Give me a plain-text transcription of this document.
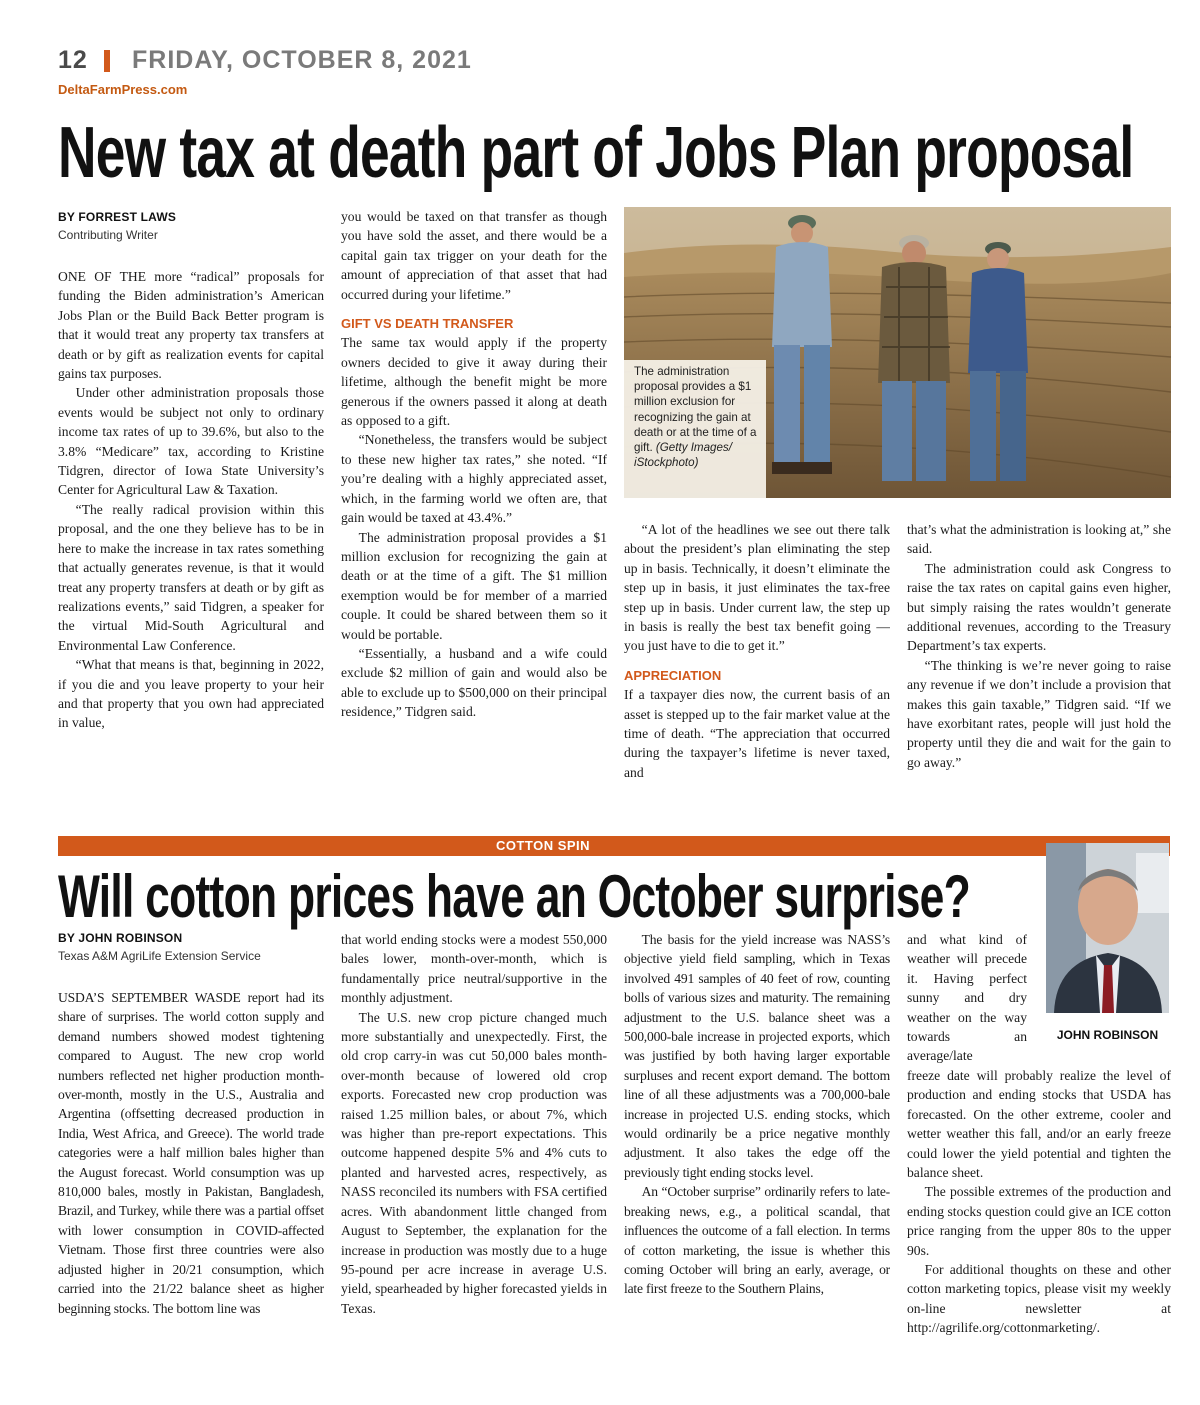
12 FRIDAY, OCTOBER 8, 2021
DeltaFarmPress.com
New tax at death part of Jobs Plan proposal
BY FORREST LAWS
Contributing Writer

ONE OF THE more “radical” proposals for funding the Biden administration’s American Jobs Plan or the Build Back Better program is that it would treat any property tax transfers at death or by gift as realization events for capital gains tax purposes.

Under other administration proposals those events would be subject not only to ordinary income tax rates of up to 39.6%, but also to the 3.8% “Medicare” tax, according to Kristine Tidgren, director of Iowa State University’s Center for Agricultural Law & Taxation.

“The really radical provision within this proposal, and the one they believe has to be in here to make the increase in tax rates something that actually generates revenue, is that it would treat any property transfers at death or by gift as realizations events,” said Tidgren, a speaker for the virtual Mid-South Agricultural and Environmental Law Conference.

“What that means is that, beginning in 2022, if you die and you leave property to your heir and that property that you own had appreciated in value,

you would be taxed on that transfer as though you have sold the asset, and there would be a capital gain tax trigger on your death for the amount of appreciation of that asset that had occurred during your lifetime.”

GIFT VS DEATH TRANSFER

The same tax would apply if the property owners decided to give it away during their lifetime, although the benefit might be more generous if the owners passed it along at death as opposed to a gift.

“Nonetheless, the transfers would be subject to these new higher tax rates,” she noted. “If you’re dealing with a highly appreciated asset, which, in the farming world we often are, that gain would be taxed at 43.4%.”

The administration proposal provides a $1 million exclusion for recognizing the gain at death or at the time of a gift. The $1 million exemption would be for member of a married couple. It could be shared between them so it would be portable.

“Essentially, a husband and a wife could exclude $2 million of gain and would also be able to exclude up to $500,000 on their principal residence,” Tidgren said.

The administration proposal provides a $1 million exclusion for recognizing the gain at death or at the time of a gift. (Getty Images/ iStockphoto)

“A lot of the headlines we see out there talk about the president’s plan eliminating the step up in basis. Technically, it doesn’t eliminate the step up in basis, it just eliminates the tax-free step up in basis. Under current law, the step up in basis is really the best tax benefit going — you just have to die to get it.”

APPRECIATION

If a taxpayer dies now, the current basis of an asset is stepped up to the fair market value at the time of death. “The appreciation that occurred during the taxpayer’s lifetime is never taxed, and

that’s what the administration is looking at,” she said.

The administration could ask Congress to raise the tax rates on capital gains even higher, but simply raising the rates wouldn’t generate additional revenues, according to the Treasury Department’s tax experts.

“The thinking is we’re never going to raise any revenue if we don’t include a provision that makes this gain taxable,” Tidgren said. “If we have exorbitant rates, people will just hold the property until they die and wait for the gain to go away.”

COTTON SPIN
JOHN ROBINSON
Will cotton prices have an October surprise?
BY JOHN ROBINSON
Texas A&M AgriLife Extension Service

USDA’S SEPTEMBER WASDE report had its share of surprises. The world cotton supply and demand numbers showed modest tightening compared to August. The new crop world numbers reflected net higher production month-over-month, mostly in the U.S., Australia and Argentina (offsetting decreased production in India, West Africa, and Greece). The world trade categories were a half million bales higher than the August forecast. World consumption was up 810,000 bales, mostly in Pakistan, Bangladesh, Brazil, and Turkey, while there was a partial offset with lower consumption in COVID-affected Vietnam. Those first three countries were also adjusted higher in 20/21 consumption, which carried into the 21/22 balance sheet as higher beginning stocks. The bottom line was

that world ending stocks were a modest 550,000 bales lower, month-over-month, which is fundamentally price neutral/supportive in the monthly adjustment.

The U.S. new crop picture changed much more substantially and unexpectedly. First, the old crop carry-in was cut 50,000 bales month-over-month because of lowered old crop exports. Forecasted new crop production was raised 1.25 million bales, or about 7%, which was higher than pre-report expectations. This outcome happened despite 5% and 4% cuts to planted and harvested acres, respectively, as NASS reconciled its numbers with FSA certified acres. With abandonment little changed from August to September, the explanation for the increase in production was mostly due to a huge 95-pound per acre increase in average U.S. yield, spearheaded by higher forecasted yields in Texas.

The basis for the yield increase was NASS’s objective yield field sampling, which in Texas involved 491 samples of 40 feet of row, counting bolls of various sizes and maturity. The remaining adjustment to the U.S. balance sheet was a 500,000-bale increase in projected exports, which was justified by both having larger exportable surpluses and recent export demand. The bottom line of all these adjustments was a 700,000-bale increase in projected U.S. ending stocks, which would ordinarily be a price negative monthly adjustment. It also takes the edge off the previously tight ending stocks level.

An “October surprise” ordinarily refers to late-breaking news, e.g., a political scandal, that influences the outcome of a fall election. In terms of cotton marketing, the issue is whether this coming October will bring an early, average, or late first freeze to the Southern Plains,

and what kind of weather will precede it. Having perfect sunny and dry weather on the way towards an average/late

freeze date will probably realize the level of production and ending stocks that USDA has forecasted. On the other extreme, cooler and wetter weather this fall, and/or an early freeze could lower the yield potential and tighten the balance sheet.

The possible extremes of the production and ending stocks question could give an ICE cotton price ranging from the upper 80s to the upper 90s.

For additional thoughts on these and other cotton marketing topics, please visit my weekly on-line newsletter at http://agrilife.org/cottonmarketing/.
